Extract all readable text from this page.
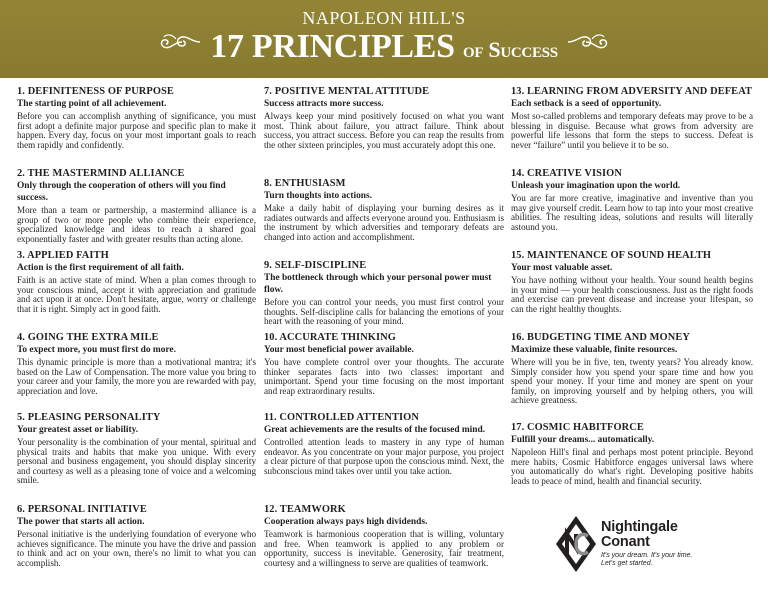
NAPOLEON HILL'S
17 PRINCIPLES of Success
1. DEFINITENESS OF PURPOSE
The starting point of all achievement.

Before you can accomplish anything of significance, you must first adopt a definite major purpose and specific plan to make it happen. Every day, focus on your most important goals to reach them rapidly and confidently.

2. THE MASTERMIND ALLIANCE
Only through the cooperation of others will you find success.

More than a team or partnership, a mastermind alliance is a group of two or more people who combine their experience, specialized knowledge and ideas to reach a shared goal exponentially faster and with greater results than acting alone.

3. APPLIED FAITH
Action is the first requirement of all faith.

Faith is an active state of mind. When a plan comes through to your conscious mind, accept it with appreciation and gratitude and act upon it at once. Don't hesitate, argue, worry or challenge that it is right. Simply act in good faith.

4. GOING THE EXTRA MILE
To expect more, you must first do more.

This dynamic principle is more than a motivational mantra; it's based on the Law of Compensation. The more value you bring to your career and your family, the more you are rewarded with pay, appreciation and love.

5. PLEASING PERSONALITY
Your greatest asset or liability.

Your personality is the combination of your mental, spiritual and physical traits and habits that make you unique. With every personal and business engagement, you should display sincerity and courtesy as well as a pleasing tone of voice and a welcoming smile.

6. PERSONAL INITIATIVE
The power that starts all action.

Personal initiative is the underlying foundation of everyone who achieves significance. The minute you have the drive and passion to think and act on your own, there's no limit to what you can accomplish.

7. POSITIVE MENTAL ATTITUDE
Success attracts more success.

Always keep your mind positively focused on what you want most. Think about failure, you attract failure. Think about success, you attract success. Before you can reap the results from the other sixteen principles, you must accurately adopt this one.

8. ENTHUSIASM
Turn thoughts into actions.

Make a daily habit of displaying your burning desires as it radiates outwards and affects everyone around you. Enthusiasm is the instrument by which adversities and temporary defeats are changed into action and accomplishment.

9. SELF-DISCIPLINE
The bottleneck through which your personal power must flow.

Before you can control your needs, you must first control your thoughts. Self-discipline calls for balancing the emotions of your heart with the reasoning of your mind.

10. ACCURATE THINKING
Your most beneficial power available.

You have complete control over your thoughts. The accurate thinker separates facts into two classes: important and unimportant. Spend your time focusing on the most important and reap extraordinary results.

11. CONTROLLED ATTENTION
Great achievements are the results of the focused mind.

Controlled attention leads to mastery in any type of human endeavor. As you concentrate on your major purpose, you project a clear picture of that purpose upon the conscious mind. Next, the subconscious mind takes over until you take action.

12. TEAMWORK
Cooperation always pays high dividends.

Teamwork is harmonious cooperation that is willing, voluntary and free. When teamwork is applied to any problem or opportunity, success is inevitable. Generosity, fair treatment, courtesy and a willingness to serve are qualities of teamwork.

13. LEARNING FROM ADVERSITY AND DEFEAT
Each setback is a seed of opportunity.

Most so-called problems and temporary defeats may prove to be a blessing in disguise. Because what grows from adversity are powerful life lessons that form the steps to success. Defeat is never “failure” until you believe it to be so.

14. CREATIVE VISION
Unleash your imagination upon the world.

You are far more creative, imaginative and inventive than you may give yourself credit. Learn how to tap into your most creative abilities. The resulting ideas, solutions and results will literally astound you.

15. MAINTENANCE OF SOUND HEALTH
Your most valuable asset.

You have nothing without your health. Your sound health begins in your mind — your health consciousness. Just as the right foods and exercise can prevent disease and increase your lifespan, so can the right healthy thoughts.

16. BUDGETING TIME AND MONEY
Maximize these valuable, finite resources.

Where will you be in five, ten, twenty years? You already know. Simply consider how you spend your spare time and how you spend your money. If your time and money are spent on your family, on improving yourself and by helping others, you will achieve greatness.

17. COSMIC HABITFORCE
Fulfill your dreams... automatically.

Napoleon Hill's final and perhaps most potent principle. Beyond mere habits, Cosmic Habitforce engages universal laws where you automatically do what's right. Developing positive habits leads to peace of mind, health and financial security.

Nightingale
Conant
It's your dream. It's your time.
Let's get started.
